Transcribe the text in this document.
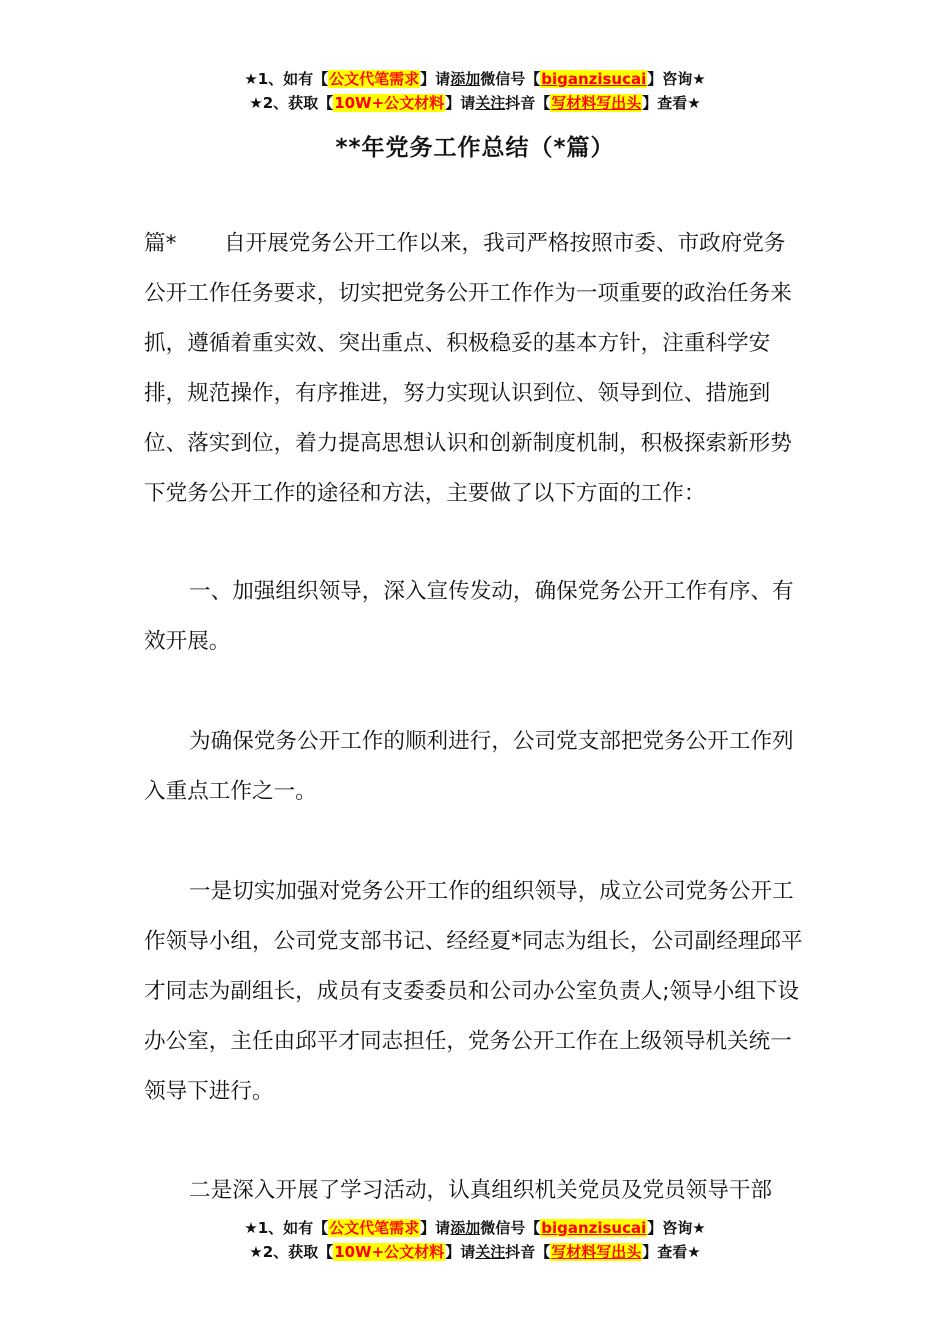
★1、如有【公文代笔需求】请添加微信号【biganzisucai】咨询★
★2、获取【10W+公文材料】请关注抖音【写材料写出头】查看★
**年党务工作总结（*篇）
篇* 自开展党务公开工作以来，我司严格按照市委、市政府党务公开工作任务要求，切实把党务公开工作作为一项重要的政治任务来抓，遵循着重实效、突出重点、积极稳妥的基本方针，注重科学安排，规范操作，有序推进，努力实现认识到位、领导到位、措施到位、落实到位，着力提高思想认识和创新制度机制，积极探索新形势下党务公开工作的途径和方法，主要做了以下方面的工作：
一、加强组织领导，深入宣传发动，确保党务公开工作有序、有效开展。
为确保党务公开工作的顺利进行，公司党支部把党务公开工作列入重点工作之一。
一是切实加强对党务公开工作的组织领导，成立公司党务公开工作领导小组，公司党支部书记、经经夏*同志为组长，公司副经理邱平才同志为副组长，成员有支委委员和公司办公室负责人;领导小组下设办公室，主任由邱平才同志担任，党务公开工作在上级领导机关统一领导下进行。
二是深入开展了学习活动，认真组织机关党员及党员领导干部
★1、如有【公文代笔需求】请添加微信号【biganzisucai】咨询★
★2、获取【10W+公文材料】请关注抖音【写材料写出头】查看★
